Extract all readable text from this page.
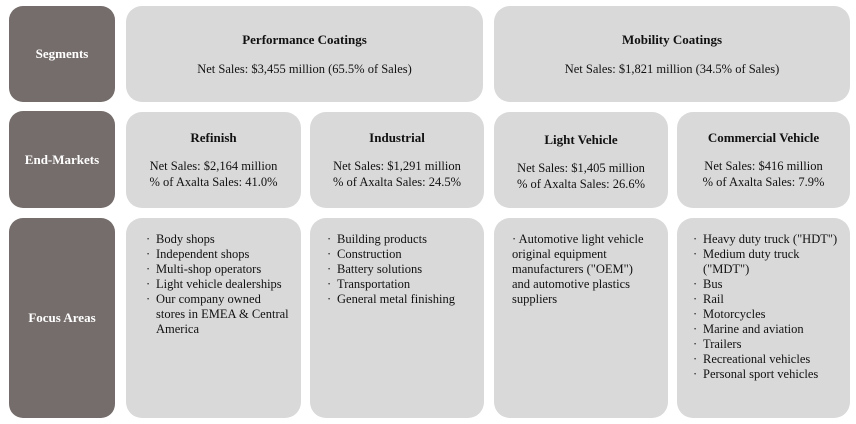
Segments
End-Markets
Focus Areas
Performance Coatings
Net Sales: $3,455 million (65.5% of Sales)
Mobility Coatings
Net Sales: $1,821 million (34.5% of Sales)
Refinish
Net Sales: $2,164 million
% of Axalta Sales: 41.0%
Industrial
Net Sales: $1,291 million
% of Axalta Sales: 24.5%
Light Vehicle
Net Sales: $1,405 million
% of Axalta Sales: 26.6%
Commercial Vehicle
Net Sales: $416 million
% of Axalta Sales: 7.9%
· Body shops
· Independent shops
· Multi-shop operators
· Light vehicle dealerships
· Our company owned stores in EMEA & Central America
· Building products
· Construction
· Battery solutions
· Transportation
· General metal finishing
· Automotive light vehicle original equipment manufacturers ("OEM") and automotive plastics suppliers
· Heavy duty truck ("HDT")
· Medium duty truck ("MDT")
· Bus
· Rail
· Motorcycles
· Marine and aviation
· Trailers
· Recreational vehicles
· Personal sport vehicles
